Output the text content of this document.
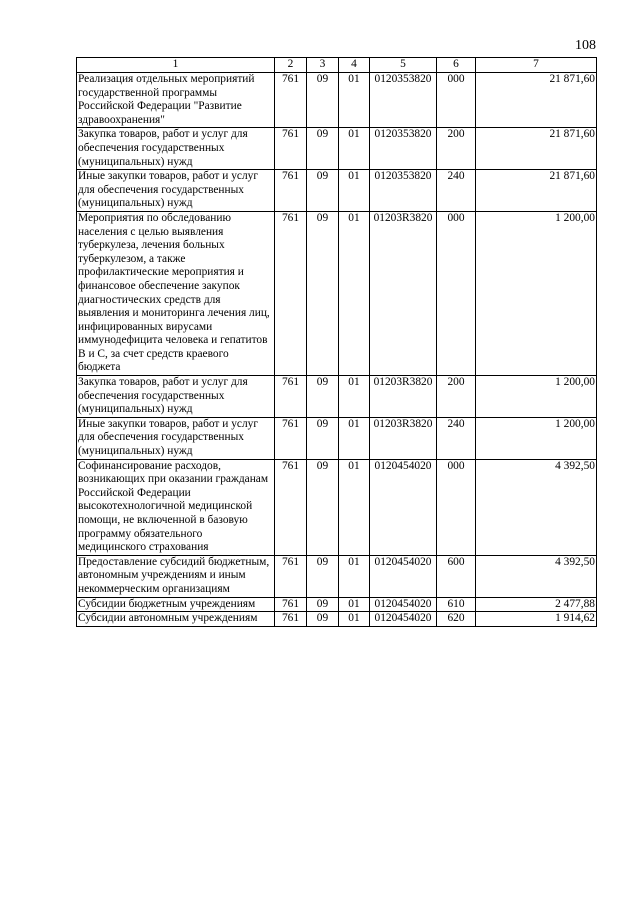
108
1	2	3	4	5	6	7
Реализация отдельных мероприятий государственной программы Российской Федерации "Развитие здравоохранения"	761	09	01	0120353820	000	21 871,60
Закупка товаров, работ и услуг для обеспечения государственных (муниципальных) нужд	761	09	01	0120353820	200	21 871,60
Иные закупки товаров, работ и услуг для обеспечения государственных (муниципальных) нужд	761	09	01	0120353820	240	21 871,60
Мероприятия по обследованию населения с целью выявления туберкулеза, лечения больных туберкулезом, а также профилактические мероприятия и финансовое обеспечение закупок диагностических средств для выявления и мониторинга лечения лиц, инфицированных вирусами иммунодефицита человека и гепатитов В и С, за счет средств краевого бюджета	761	09	01	01203R3820	000	1 200,00
Закупка товаров, работ и услуг для обеспечения государственных (муниципальных) нужд	761	09	01	01203R3820	200	1 200,00
Иные закупки товаров, работ и услуг для обеспечения государственных (муниципальных) нужд	761	09	01	01203R3820	240	1 200,00
Софинансирование расходов, возникающих при оказании гражданам Российской Федерации высокотехнологичной медицинской помощи, не включенной в базовую программу обязательного медицинского страхования	761	09	01	0120454020	000	4 392,50
Предоставление субсидий бюджетным, автономным учреждениям и иным некоммерческим организациям	761	09	01	0120454020	600	4 392,50
Субсидии бюджетным учреждениям	761	09	01	0120454020	610	2 477,88
Субсидии автономным учреждениям	761	09	01	0120454020	620	1 914,62
